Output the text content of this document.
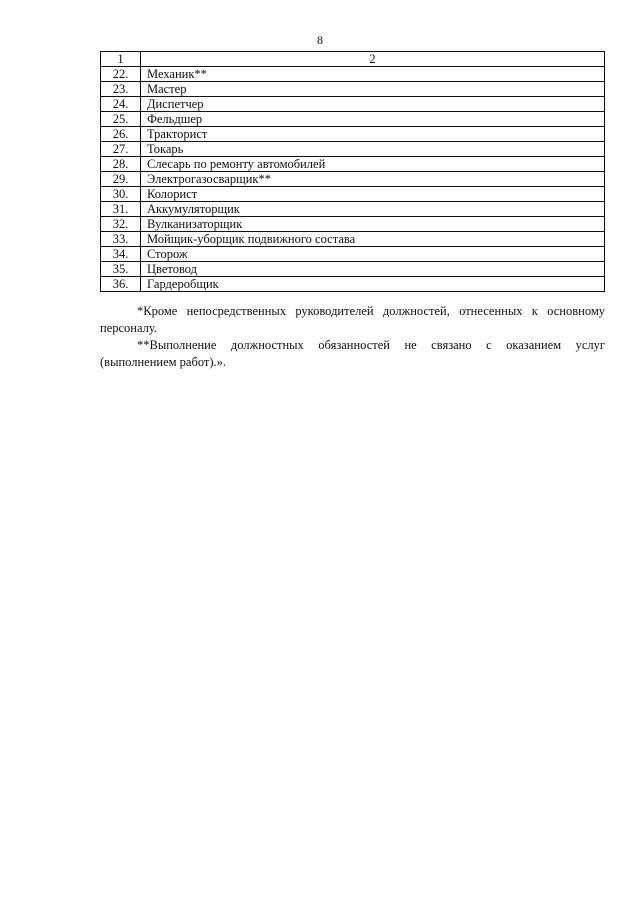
8
1	2
22.	Механик**
23.	Мастер
24.	Диспетчер
25.	Фельдшер
26.	Тракторист
27.	Токарь
28.	Слесарь по ремонту автомобилей
29.	Электрогазосварщик**
30.	Колорист
31.	Аккумуляторщик
32.	Вулканизаторщик
33.	Мойщик-уборщик подвижного состава
34.	Сторож
35.	Цветовод
36.	Гардеробщик

*Кроме непосредственных руководителей должностей, отнесенных к основному персоналу.

**Выполнение должностных обязанностей не связано с оказанием услуг (выполнением работ).».
